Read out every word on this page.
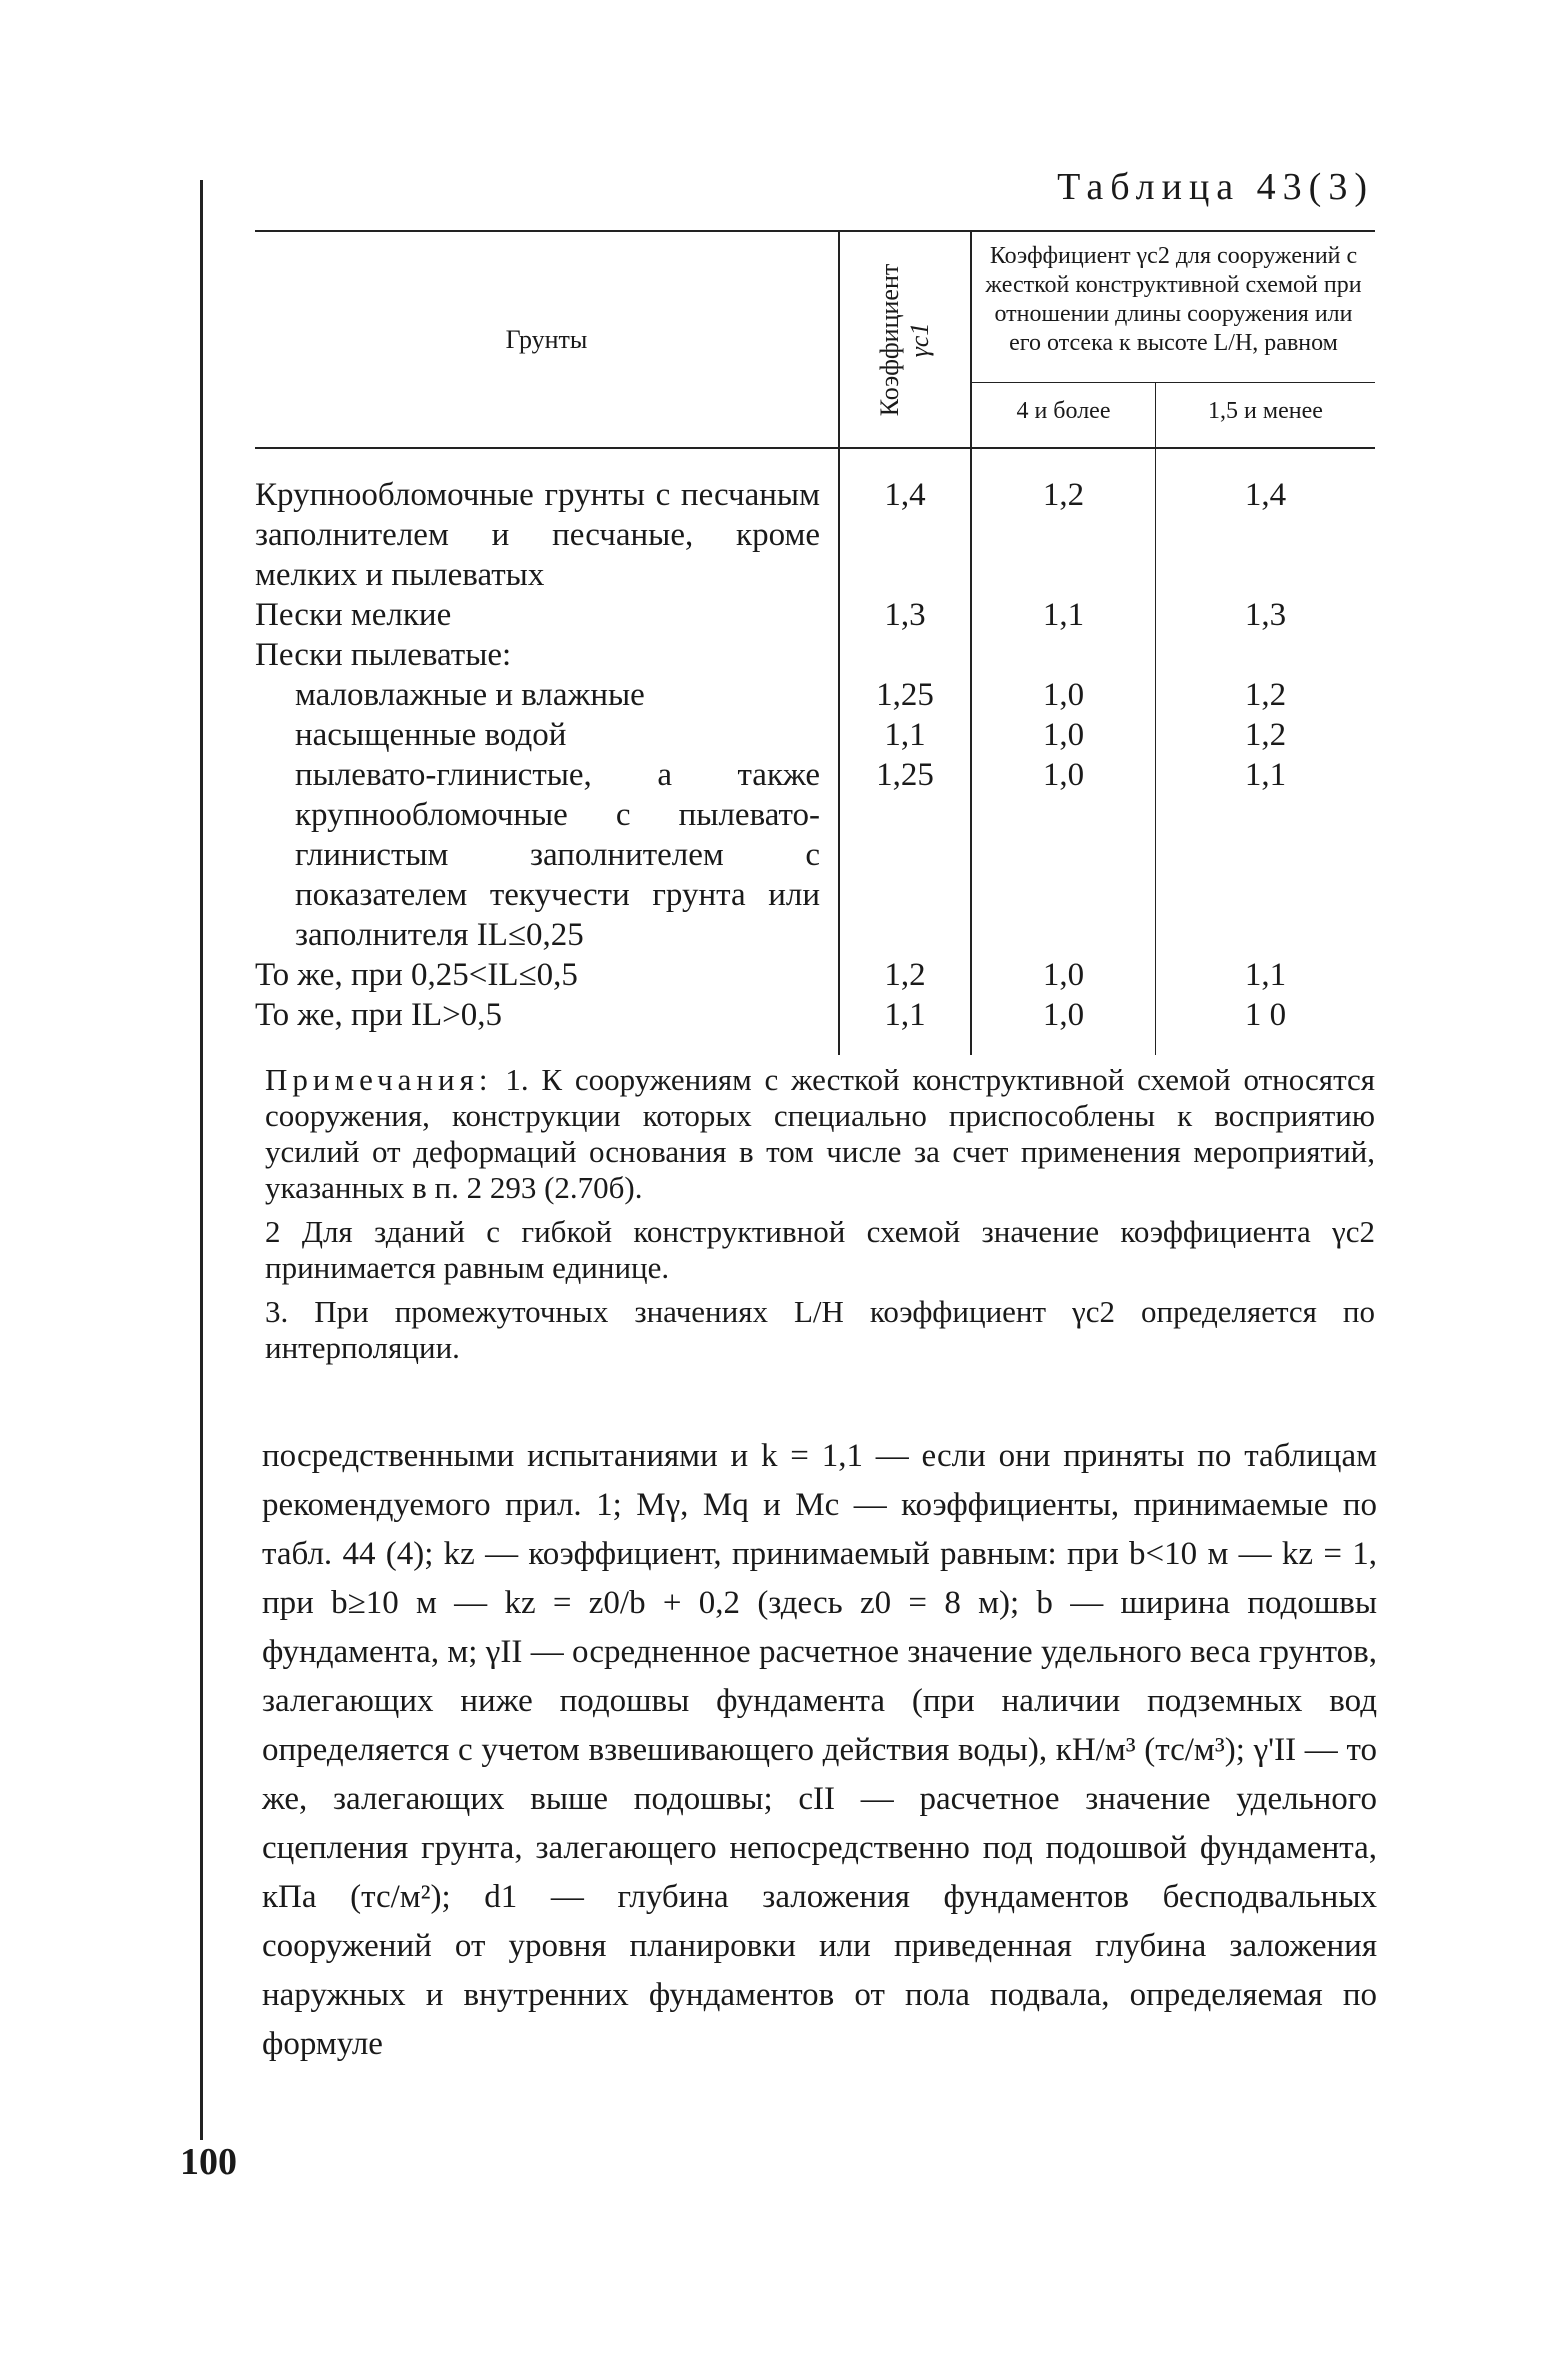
Таблица 43(3)
Грунты	Коэффициент γc1	Коэффициент γc2 для сооружений с жесткой конструктивной схемой при отношении длины сооружения или его отсека к высоте L/H, равном	
		4 и более	1,5 и менее
Крупнообломочные грунты с песчаным заполнителем и песчаные, кроме мелких и пылеватых	1,4	1,2	1,4
Пески мелкие	1,3	1,1	1,3
Пески пылеватые:			

маловлажные и влажные	1,25	1,0	1,2

насыщенные водой	1,1	1,0	1,2

пылевато-глинистые, а также крупнообломочные с пылеватоглинистым заполнителем с показателем текучести грунта или заполнителя IL≤0,25	1,25	1,0	1,1
То же, при 0,25<IL≤0,5	1,2	1,0	1,1
То же, при IL>0,5	1,1	1,0	1 0

Примечания: 1. К сооружениям с жесткой конструктивной схемой относятся сооружения, конструкции которых специально приспособлены к восприятию усилий от деформаций основания в том числе за счет применения мероприятий, указанных в п. 2 293 (2.70б).

2 Для зданий с гибкой конструктивной схемой значение коэффициента γc2 принимается равным единице.

3. При промежуточных значениях L/H коэффициент γc2 определяется по интерполяции.

посредственными испытаниями и k = 1,1 — если они приняты по таблицам рекомендуемого прил. 1; Mγ, Mq и Mc — коэффициенты, принимаемые по табл. 44 (4); kz — коэффициент, принимаемый равным: при b<10 м — kz = 1, при b≥10 м — kz = z0/b + 0,2 (здесь z0 = 8 м); b — ширина подошвы фундамента, м; γII — осредненное расчетное значение удельного веса грунтов, залегающих ниже подошвы фундамента (при наличии подземных вод определяется с учетом взвешивающего действия воды), кН/м³ (тс/м³); γ'II — то же, залегающих выше подошвы; cII — расчетное значение удельного сцепления грунта, залегающего непосредственно под подошвой фундамента, кПа (тс/м²); d1 — глубина заложения фундаментов бесподвальных сооружений от уровня планировки или приведенная глубина заложения наружных и внутренних фундаментов от пола подвала, определяемая по формуле
100
